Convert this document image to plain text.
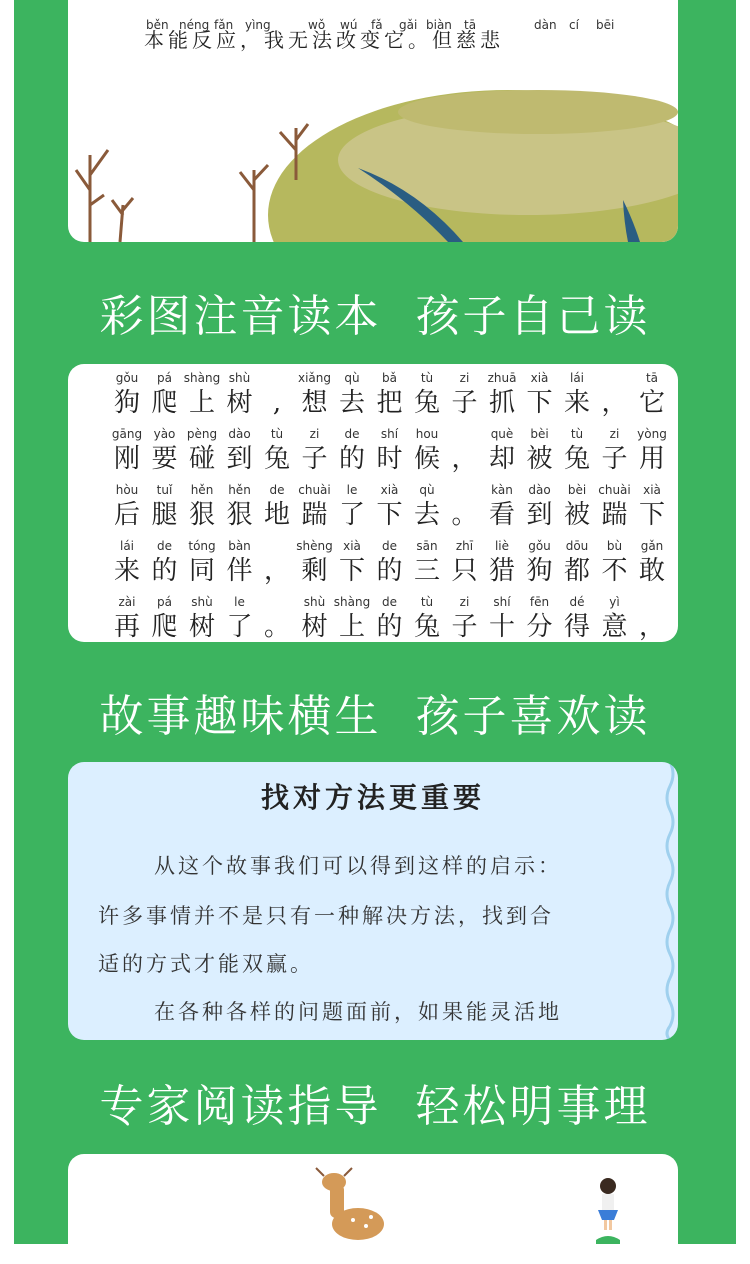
běn néng fǎn yìng	wǒ wú fǎ gǎi biàn tā	dàn cí bēi
本能反应，我无法改变它。但慈悲
彩图注音读本  孩子自己读
gǒu
狗
pá
爬
shàng
上
shù
树 ,
xiǎng
想
qù
去
bǎ
把
tù
兔
zi
子
zhuā
抓
xià
下
lái
来 ，
tā
它
gāng
刚
yào
要
pèng
碰
dào
到
tù
兔
zi
子
de
的
shí
时
hou
候 ，
què
却
bèi
被
tù
兔
zi
子
yòng
用
hòu
后
tuǐ
腿
hěn
狠
hěn
狠
de
地
chuài
踹
le
了
xià
下
qù
去 。
kàn
看
dào
到
bèi
被
chuài
踹
xià
下
lái
来
de
的
tóng
同
bàn
伴 ，
shèng
剩
xià
下
de
的
sān
三
zhī
只
liè
猎
gǒu
狗
dōu
都
bù
不
gǎn
敢
zài
再
pá
爬
shù
树
le
了 。
shù
树
shàng
上
de
的
tù
兔
zi
子
shí
十
fēn
分
dé
得
yì
意 ，
故事趣味横生  孩子喜欢读
找对方法更重要
从这个故事我们可以得到这样的启示：
许多事情并不是只有一种解决方法，找到合
适的方式才能双赢。
在各种各样的问题面前，如果能灵活地
专家阅读指导  轻松明事理
